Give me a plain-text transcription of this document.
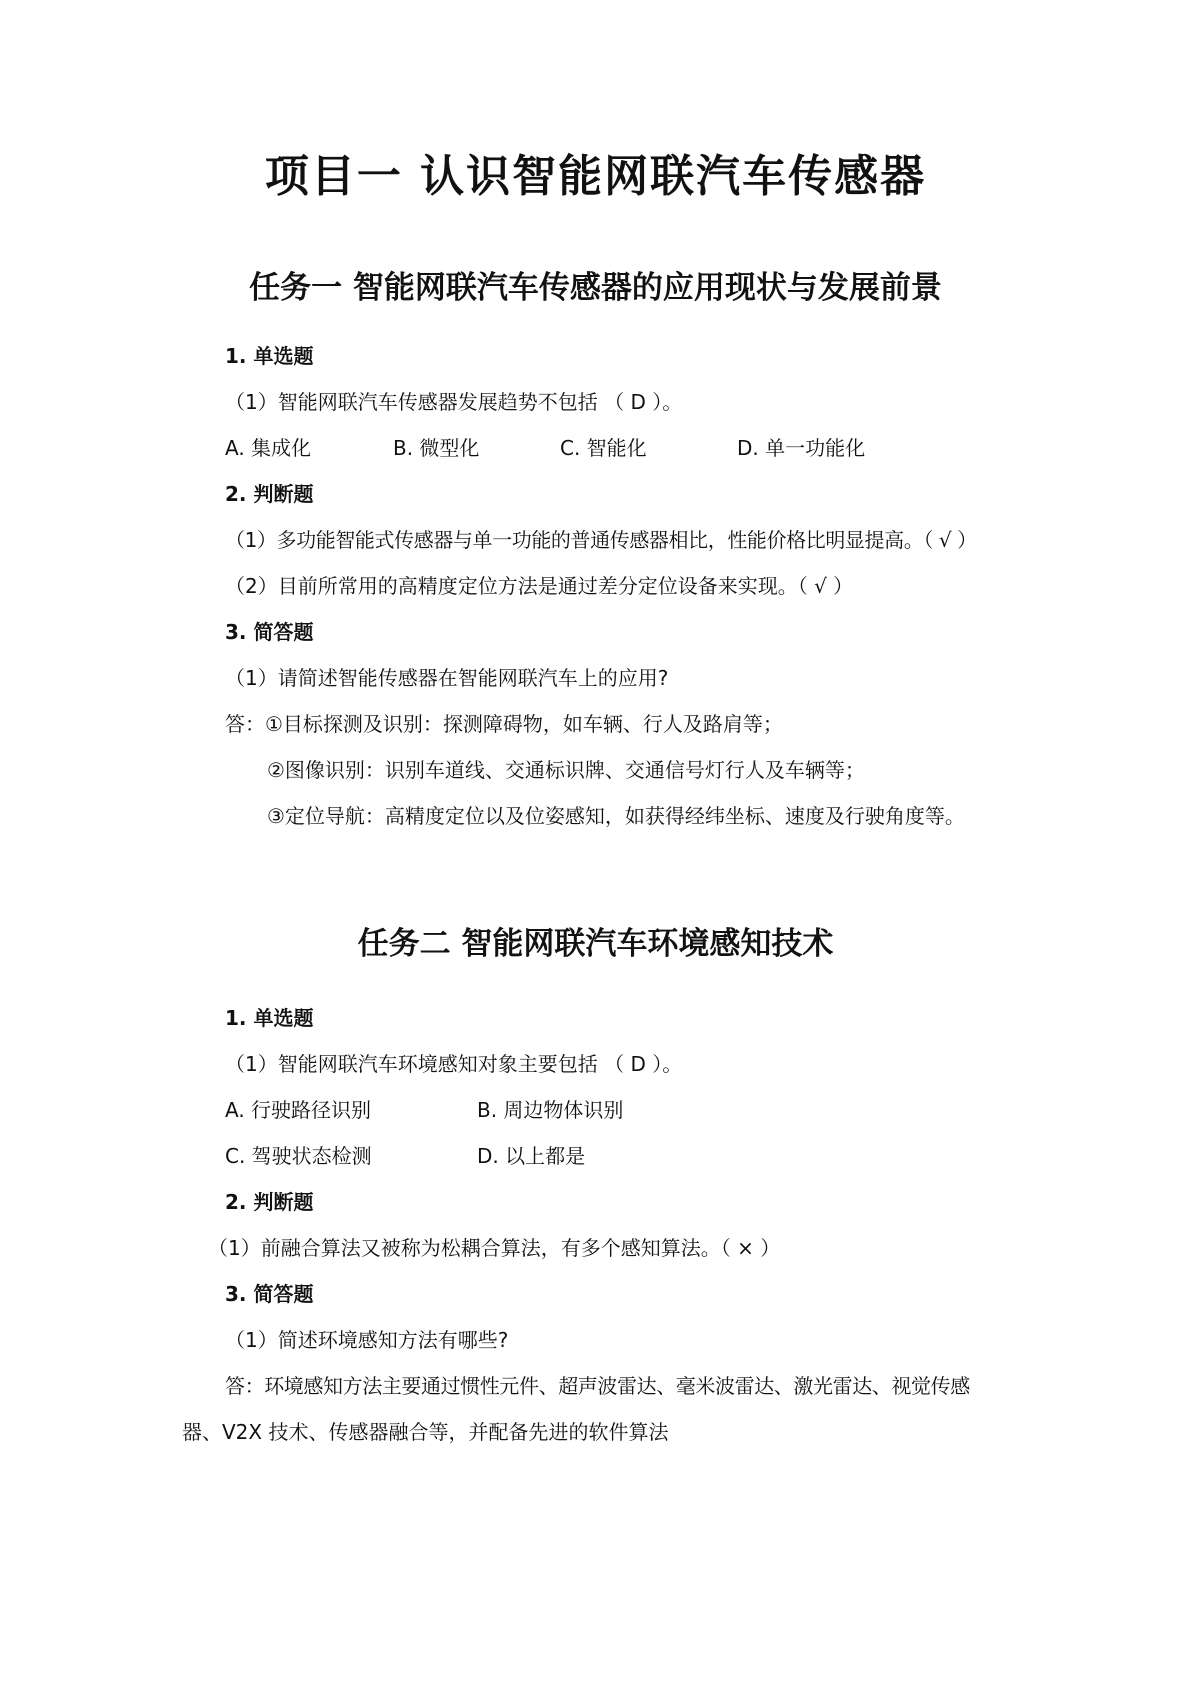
项目一 认识智能网联汽车传感器
任务一 智能网联汽车传感器的应用现状与发展前景
1. 单选题
（1）智能网联汽车传感器发展趋势不包括 （ D ）。
A. 集成化	B. 微型化	C. 智能化	D. 单一功能化
2. 判断题
（1）多功能智能式传感器与单一功能的普通传感器相比，性能价格比明显提高。（ √ ）
（2）目前所常用的高精度定位方法是通过差分定位设备来实现。（ √ ）
3. 简答题
（1）请简述智能传感器在智能网联汽车上的应用?
答：①目标探测及识别：探测障碍物，如车辆、行人及路肩等；
②图像识别：识别车道线、交通标识牌、交通信号灯行人及车辆等；
③定位导航：高精度定位以及位姿感知，如获得经纬坐标、速度及行驶角度等。
任务二 智能网联汽车环境感知技术
1. 单选题
（1）智能网联汽车环境感知对象主要包括 （ D ）。
A. 行驶路径识别	B. 周边物体识别
C. 驾驶状态检测	D. 以上都是
2. 判断题
（1）前融合算法又被称为松耦合算法，有多个感知算法。（ × ）
3. 简答题
（1）简述环境感知方法有哪些?
答：环境感知方法主要通过惯性元件、超声波雷达、毫米波雷达、激光雷达、视觉传感
器、V2X 技术、传感器融合等，并配备先进的软件算法
